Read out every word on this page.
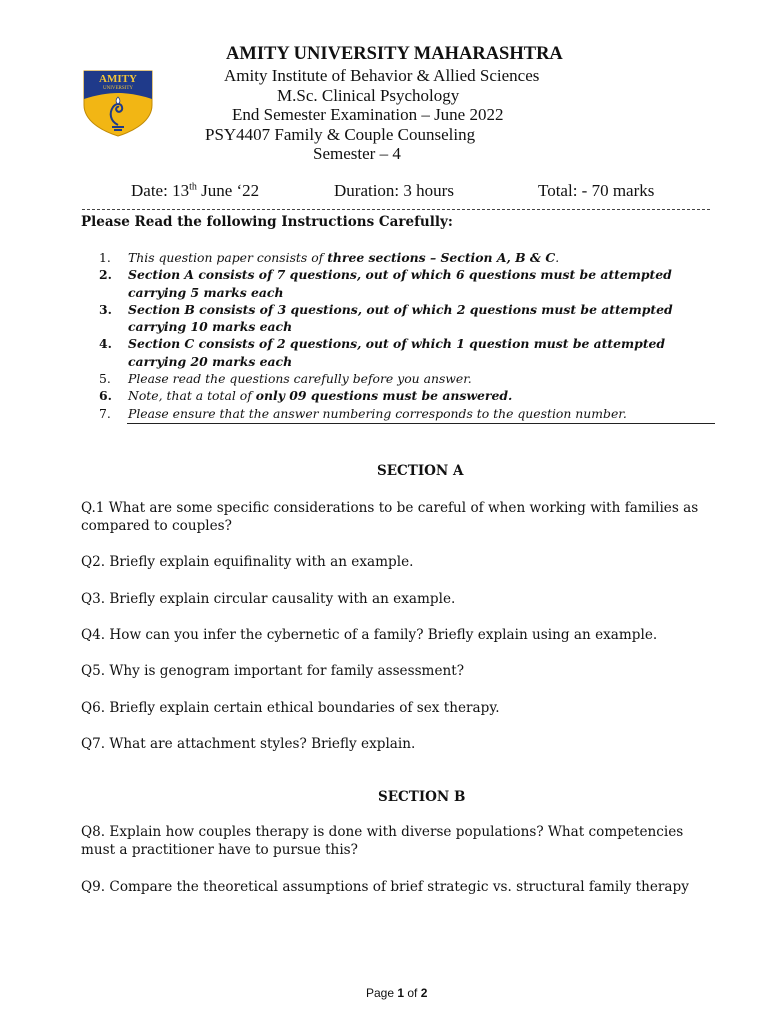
AMITY
UNIVERSITY
AMITY UNIVERSITY MAHARASHTRA
Amity Institute of Behavior & Allied Sciences
M.Sc. Clinical Psychology
End Semester Examination – June 2022
PSY4407 Family & Couple Counseling
Semester – 4
Date: 13th June ‘22	Duration: 3 hours	Total: - 70 marks
Please Read the following Instructions Carefully:

1. This question paper consists of three sections – Section A, B & C.

2. Section A consists of 7 questions, out of which 6 questions must be attempted carrying 5 marks each

3. Section B consists of 3 questions, out of which 2 questions must be attempted carrying 10 marks each

4. Section C consists of 2 questions, out of which 1 question must be attempted carrying 20 marks each

5. Please read the questions carefully before you answer.

6. Note, that a total of only 09 questions must be answered.

7. Please ensure that the answer numbering corresponds to the question number.

SECTION A
Q.1 What are some specific considerations to be careful of when working with families as compared to couples?
Q2. Briefly explain equifinality with an example.
Q3. Briefly explain circular causality with an example.
Q4. How can you infer the cybernetic of a family? Briefly explain using an example.
Q5. Why is genogram important for family assessment?
Q6. Briefly explain certain ethical boundaries of sex therapy.
Q7. What are attachment styles? Briefly explain.
SECTION B
Q8. Explain how couples therapy is done with diverse populations? What competencies must a practitioner have to pursue this?
Q9. Compare the theoretical assumptions of brief strategic vs. structural family therapy
Page 1 of 2
